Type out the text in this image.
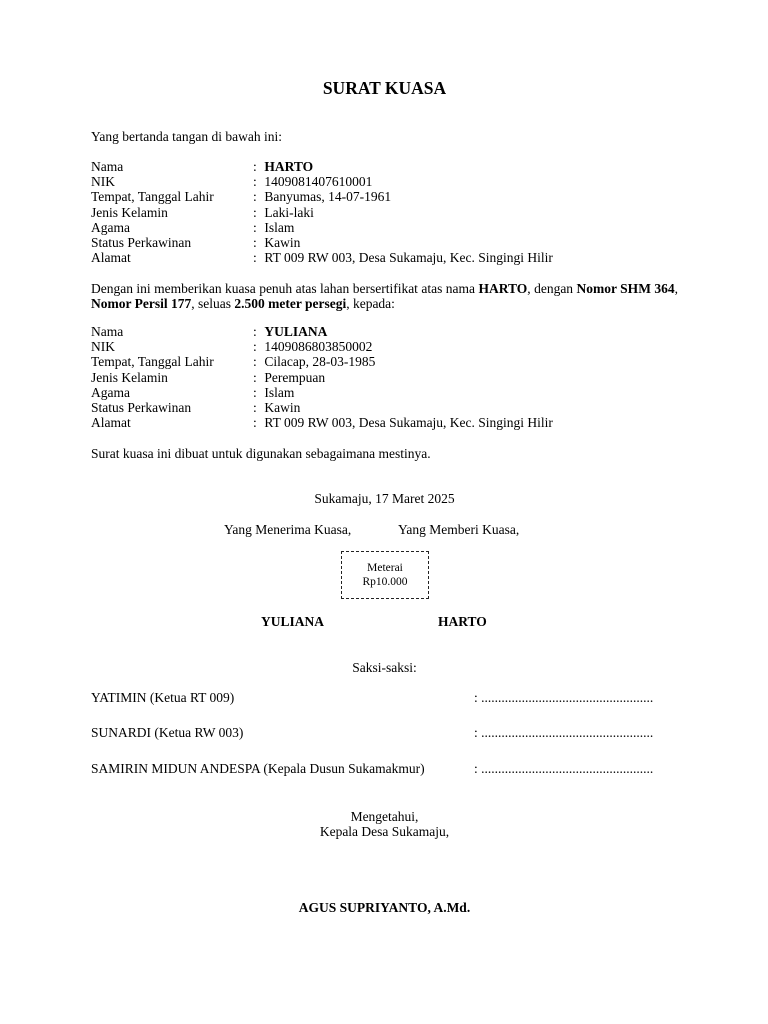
SURAT KUASA
Yang bertanda tangan di bawah ini:
Nama	: HARTO
NIK	: 1409081407610001
Tempat, Tanggal Lahir	: Banyumas, 14-07-1961
Jenis Kelamin	: Laki-laki
Agama	: Islam
Status Perkawinan	: Kawin
Alamat	: RT 009 RW 003, Desa Sukamaju, Kec. Singingi Hilir
Dengan ini memberikan kuasa penuh atas lahan bersertifikat atas nama HARTO, dengan Nomor SHM 364, Nomor Persil 177, seluas 2.500 meter persegi, kepada:
Nama	: YULIANA
NIK	: 1409086803850002
Tempat, Tanggal Lahir	: Cilacap, 28-03-1985
Jenis Kelamin	: Perempuan
Agama	: Islam
Status Perkawinan	: Kawin
Alamat	: RT 009 RW 003, Desa Sukamaju, Kec. Singingi Hilir
Surat kuasa ini dibuat untuk digunakan sebagaimana mestinya.
Sukamaju, 17 Maret 2025
Yang Menerima Kuasa,	Yang Memberi Kuasa,
Meterai
Rp10.000
YULIANA	HARTO
Saksi-saksi:
YATIMIN (Ketua RT 009)	: ...................................................
SUNARDI (Ketua RW 003)	: ...................................................
SAMIRIN MIDUN ANDESPA (Kepala Dusun Sukamakmur)	: ...................................................
Mengetahui,
Kepala Desa Sukamaju,
AGUS SUPRIYANTO, A.Md.
